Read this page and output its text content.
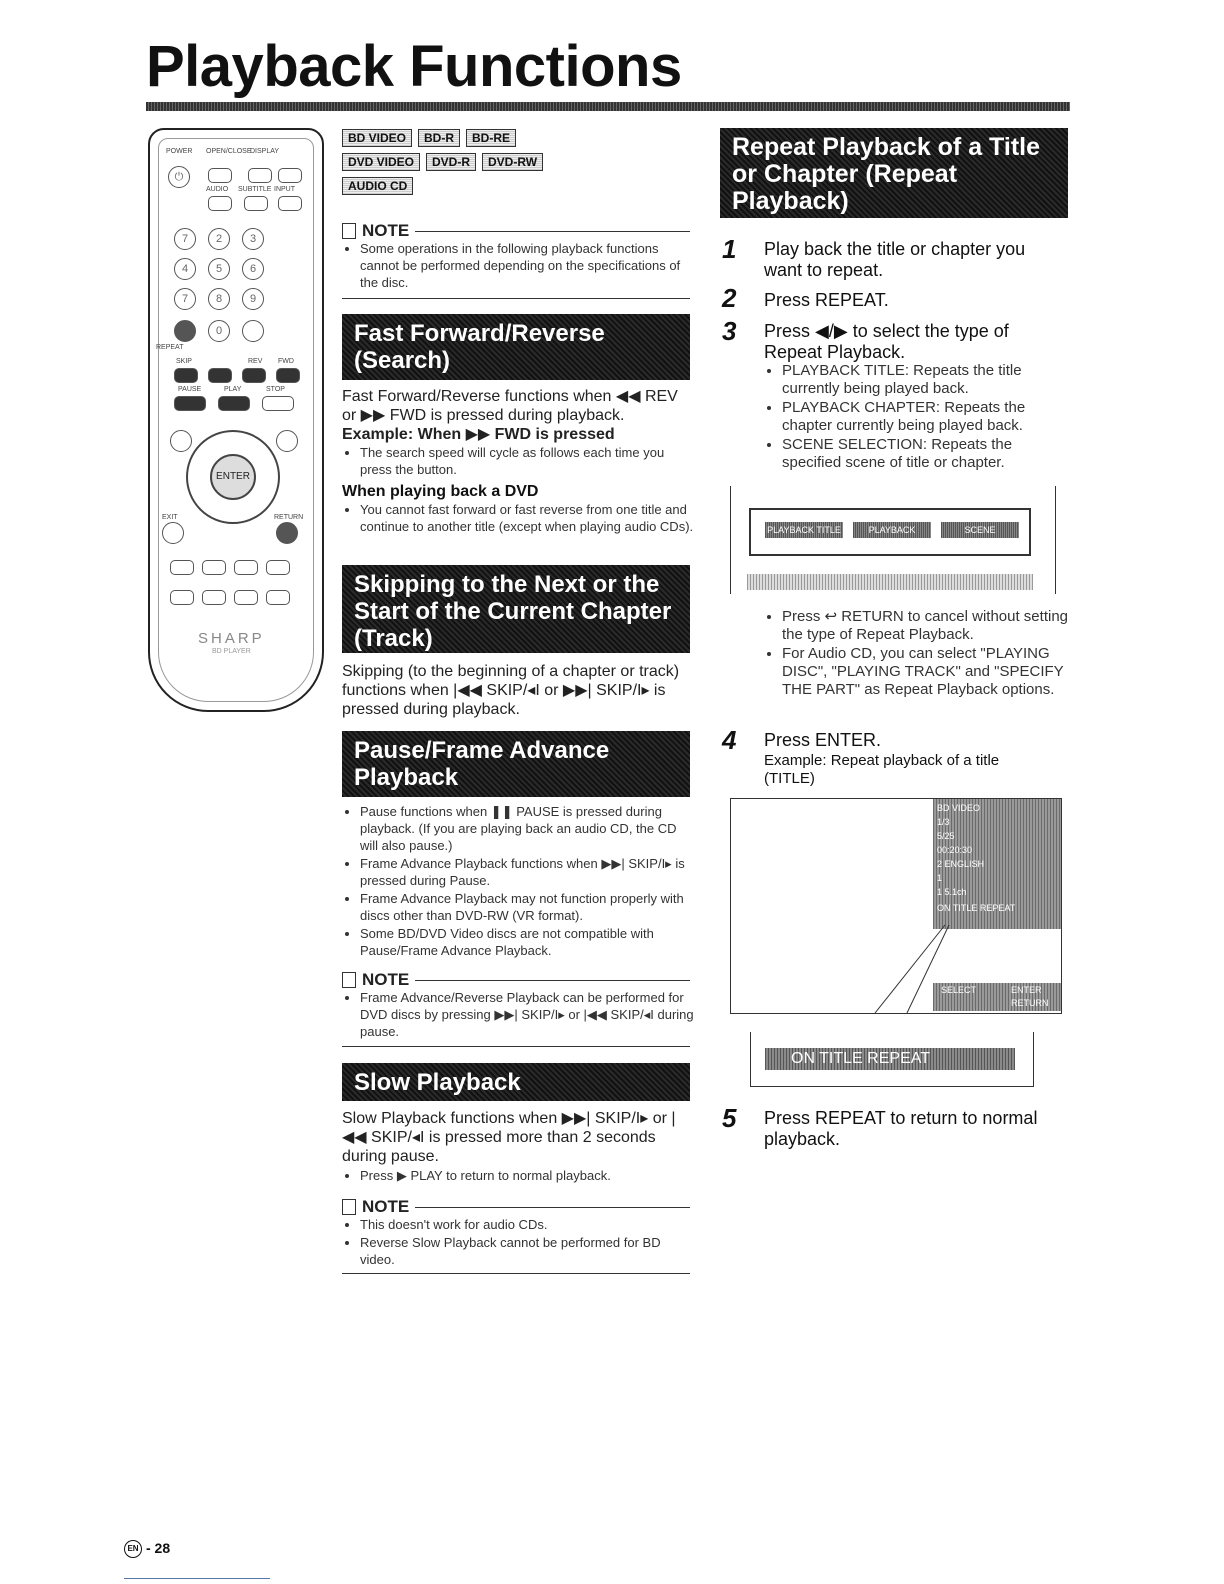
Playback Functions
POWER OPEN/CLOSE
DISPLAY
⏻
AUDIO SUBTITLE INPUT
7	2	3
4	5	6
7	8	9
0
REPEAT
SKIP	REV FWD
PAUSE	PLAY	STOP
ENTER
RETURN
EXIT
SHARP
BD PLAYER
BD VIDEO	BD-R	BD-RE
DVD VIDEO	DVD-R	DVD-RW
AUDIO CD
NOTE
• Some operations in the following playback functions cannot be performed depending on the specifications of the disc.
Fast Forward/Reverse (Search)

Fast Forward/Reverse functions when ◀◀ REV or ▶▶ FWD is pressed during playback.

Example: When ▶▶ FWD is pressed

• The search speed will cycle as follows each time you press the button.
When playing back a DVD
• You cannot fast forward or fast reverse from one title and continue to another title (except when playing audio CDs).
Skipping to the Next or the Start of the Current Chapter (Track)

Skipping (to the beginning of a chapter or track) functions when |◀◀ SKIP/◂I or ▶▶| SKIP/I▸ is pressed during playback.

Pause/Frame Advance Playback
• Pause functions when ❚❚ PAUSE is pressed during playback. (If you are playing back an audio CD, the CD will also pause.)
• Frame Advance Playback functions when ▶▶| SKIP/I▸ is pressed during Pause.
• Frame Advance Playback may not function properly with discs other than DVD-RW (VR format).
• Some BD/DVD Video discs are not compatible with Pause/Frame Advance Playback.
NOTE
• Frame Advance/Reverse Playback can be performed for DVD discs by pressing ▶▶| SKIP/I▸ or |◀◀ SKIP/◂I during pause.
Slow Playback

Slow Playback functions when ▶▶| SKIP/I▸ or |◀◀ SKIP/◂I is pressed more than 2 seconds during pause.

• Press ▶ PLAY to return to normal playback.
NOTE
• This doesn't work for audio CDs.
• Reverse Slow Playback cannot be performed for BD video.
Repeat Playback of a Title or Chapter (Repeat Playback)
1 Play back the title or chapter you want to repeat.

2 Press REPEAT.

3 Press ◀/▶ to select the type of Repeat Playback.

• PLAYBACK TITLE: Repeats the title currently being played back.
• PLAYBACK CHAPTER: Repeats the chapter currently being played back.
• SCENE SELECTION: Repeats the specified scene of title or chapter.
PLAYBACK TITLE	PLAYBACK CHAPTER
SCENE SELECTION
• Press ↩ RETURN to cancel without setting the type of Repeat Playback.
• For Audio CD, you can select "PLAYING DISC", "PLAYING TRACK" and "SPECIFY THE PART" as Repeat Playback options.
4 Press ENTER.

Example: Repeat playback of a title (TITLE)

BD VIDEO
1/3
5/25
00:20:30
2 ENGLISH
1
1 5.1ch
ON TITLE REPEAT
SELECT	ENTER
RETURN
ON TITLE REPEAT
5 Press REPEAT to return to normal playback.

EN - 28
